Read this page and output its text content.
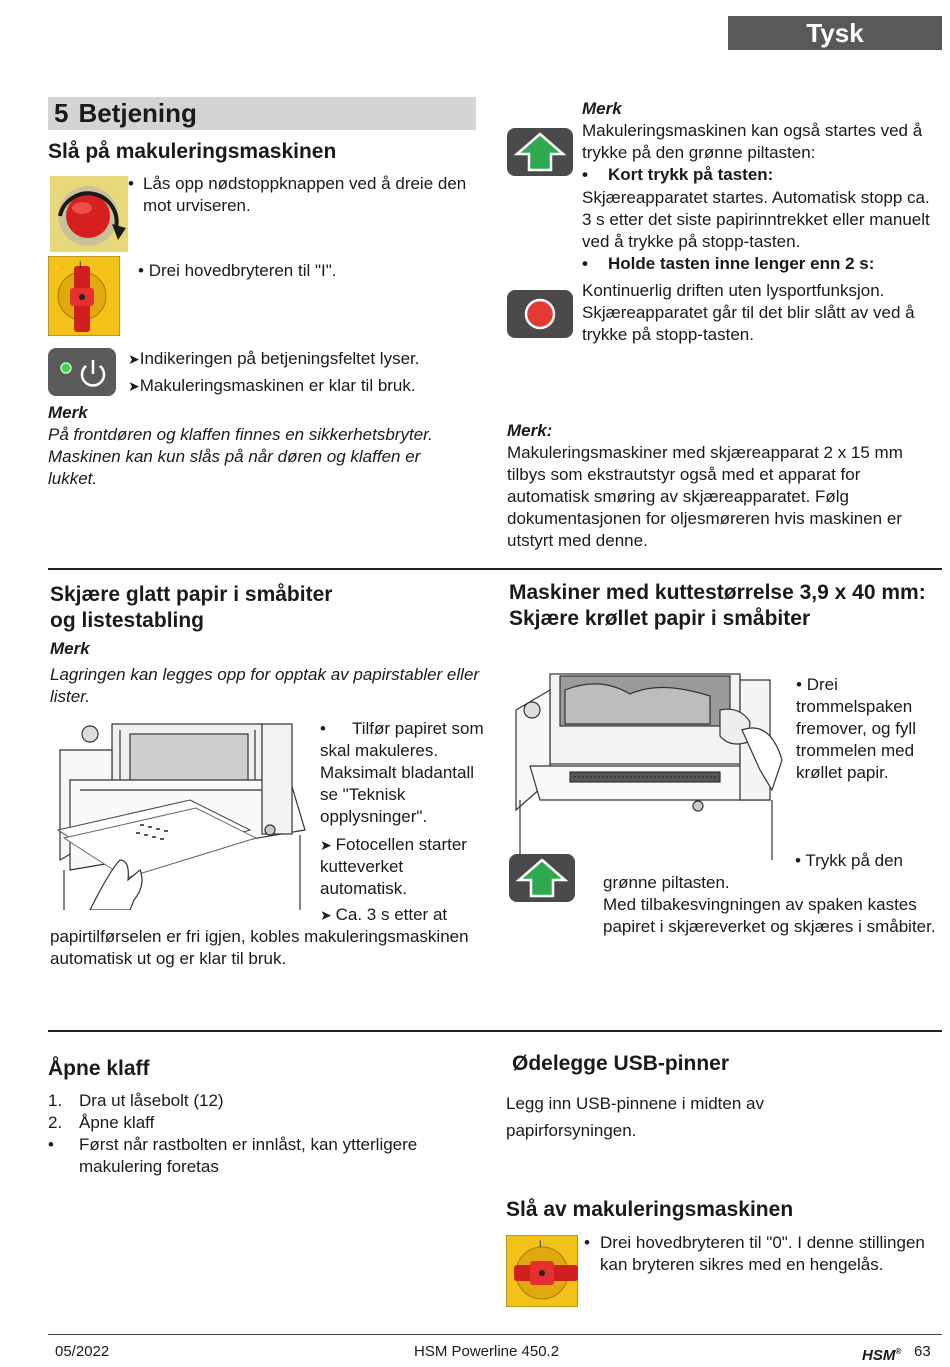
Tysk
5 Betjening
Slå på makuleringsmaskinen
• Lås opp nødstoppknappen ved å dreie den mot urviseren.
I
⚡	• Drei hovedbryteren til "I".
➤Indikeringen på betjeningsfeltet lyser.
➤Makuleringsmaskinen er klar til bruk.
Merk
På frontdøren og klaffen finnes en sikkerhetsbryter. Maskinen kan kun slås på når døren og klaffen er lukket.
Merk
Makuleringsmaskinen kan også startes ved å trykke på den grønne piltasten:
• Kort trykk på tasten:
Skjæreapparatet startes. Automatisk stopp ca. 3 s etter det siste papirinntrekket eller manuelt ved å trykke på stopp-tasten.
• Holde tasten inne lenger enn 2 s:
Kontinuerlig driften uten lysportfunksjon. Skjæreapparatet går til det blir slått av ved å trykke på stopp-tasten.
Merk:
Makuleringsmaskiner med skjæreapparat 2 x 15 mm tilbys som ekstrautstyr også med et apparat for automatisk smøring av skjæreapparatet. Følg dokumentasjonen for oljesmøreren hvis maskinen er utstyrt med denne.
Skjære glatt papir i småbiter
og listestabling
Merk
Lagringen kan legges opp for opptak av papirstabler eller lister.
• Tilfør papiret som skal makuleres. Maksimalt bladantall se "Teknisk opplysninger".
➤ Fotocellen starter kutteverket automatisk.
➤ Ca. 3 s etter at papirtilførselen er fri igjen, kobles makuleringsmaskinen automatisk ut og er klar til bruk.
Maskiner med kuttestørrelse 3,9 x 40 mm:
Skjære krøllet papir i småbiter
• Drei trommelspaken fremover, og fyll trommelen med krøllet papir.
• Trykk på den grønne piltasten.
Med tilbakesvingningen av spaken kastes papiret i skjæreverket og skjæres i småbiter.
Åpne klaff
1. Dra ut låsebolt (12)
2. Åpne klaff
•	Først når rastbolten er innlåst, kan ytterligere makulering foretas
Ødelegge USB-pinner
Legg inn USB-pinnene i midten av papirforsyningen.
Slå av makuleringsmaskinen
I • Drei hovedbryteren til "0". I denne stillingen kan bryteren sikres med en hengelås.
05/2022	HSM Powerline 450.2	HSM® 63
